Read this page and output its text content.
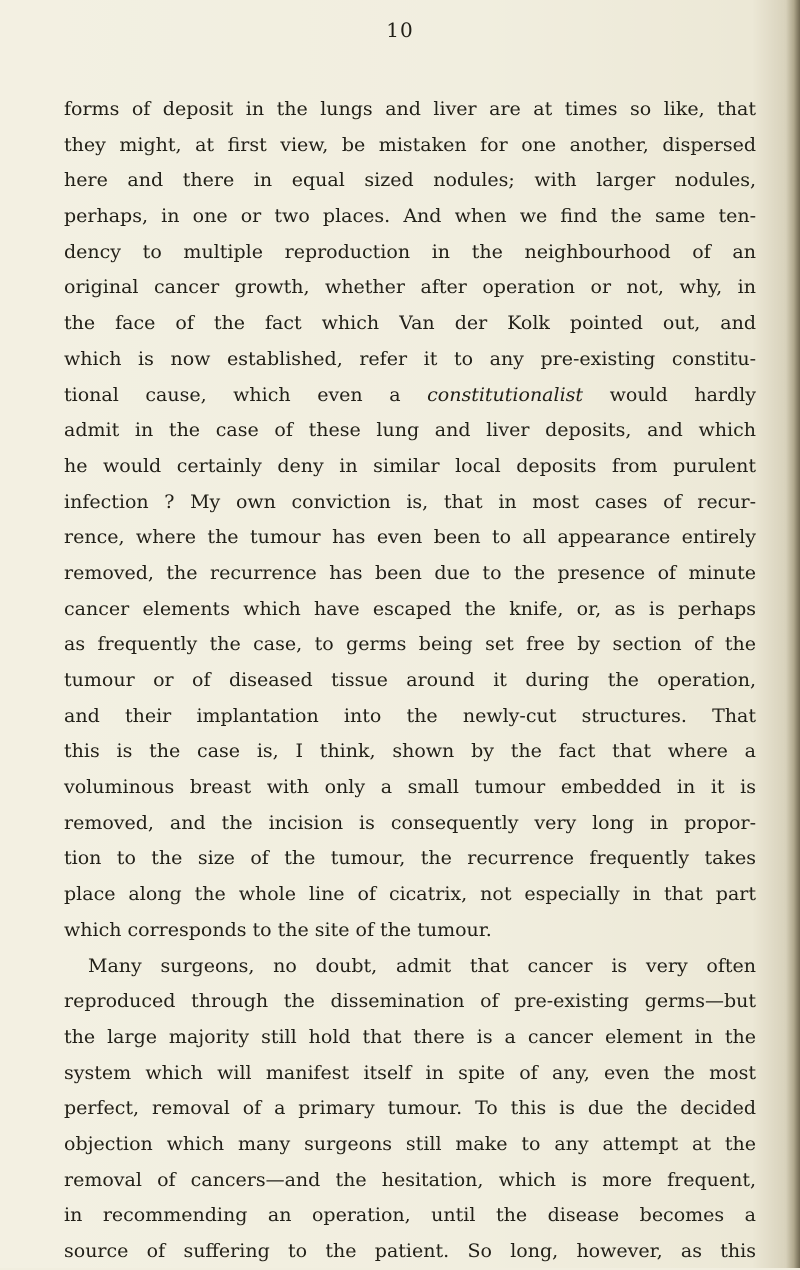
10
forms of deposit in the lungs and liver are at times so like, that
they might, at first view, be mistaken for one another, dispersed
here and there in equal sized nodules; with larger nodules,
perhaps, in one or two places. And when we find the same ten-
dency to multiple reproduction in the neighbourhood of an
original cancer growth, whether after operation or not, why, in
the face of the fact which Van der Kolk pointed out, and
which is now established, refer it to any pre-existing constitu-
tional cause, which even a constitutionalist would hardly
admit in the case of these lung and liver deposits, and which
he would certainly deny in similar local deposits from purulent
infection ? My own conviction is, that in most cases of recur-
rence, where the tumour has even been to all appearance entirely
removed, the recurrence has been due to the presence of minute
cancer elements which have escaped the knife, or, as is perhaps
as frequently the case, to germs being set free by section of the
tumour or of diseased tissue around it during the operation,
and their implantation into the newly-cut structures. That
this is the case is, I think, shown by the fact that where a
voluminous breast with only a small tumour embedded in it is
removed, and the incision is consequently very long in propor-
tion to the size of the tumour, the recurrence frequently takes
place along the whole line of cicatrix, not especially in that part
which corresponds to the site of the tumour.
Many surgeons, no doubt, admit that cancer is very often
reproduced through the dissemination of pre-existing germs—but
the large majority still hold that there is a cancer element in the
system which will manifest itself in spite of any, even the most
perfect, removal of a primary tumour. To this is due the decided
objection which many surgeons still make to any attempt at the
removal of cancers—and the hesitation, which is more frequent,
in recommending an operation, until the disease becomes a
source of suffering to the patient. So long, however, as this
